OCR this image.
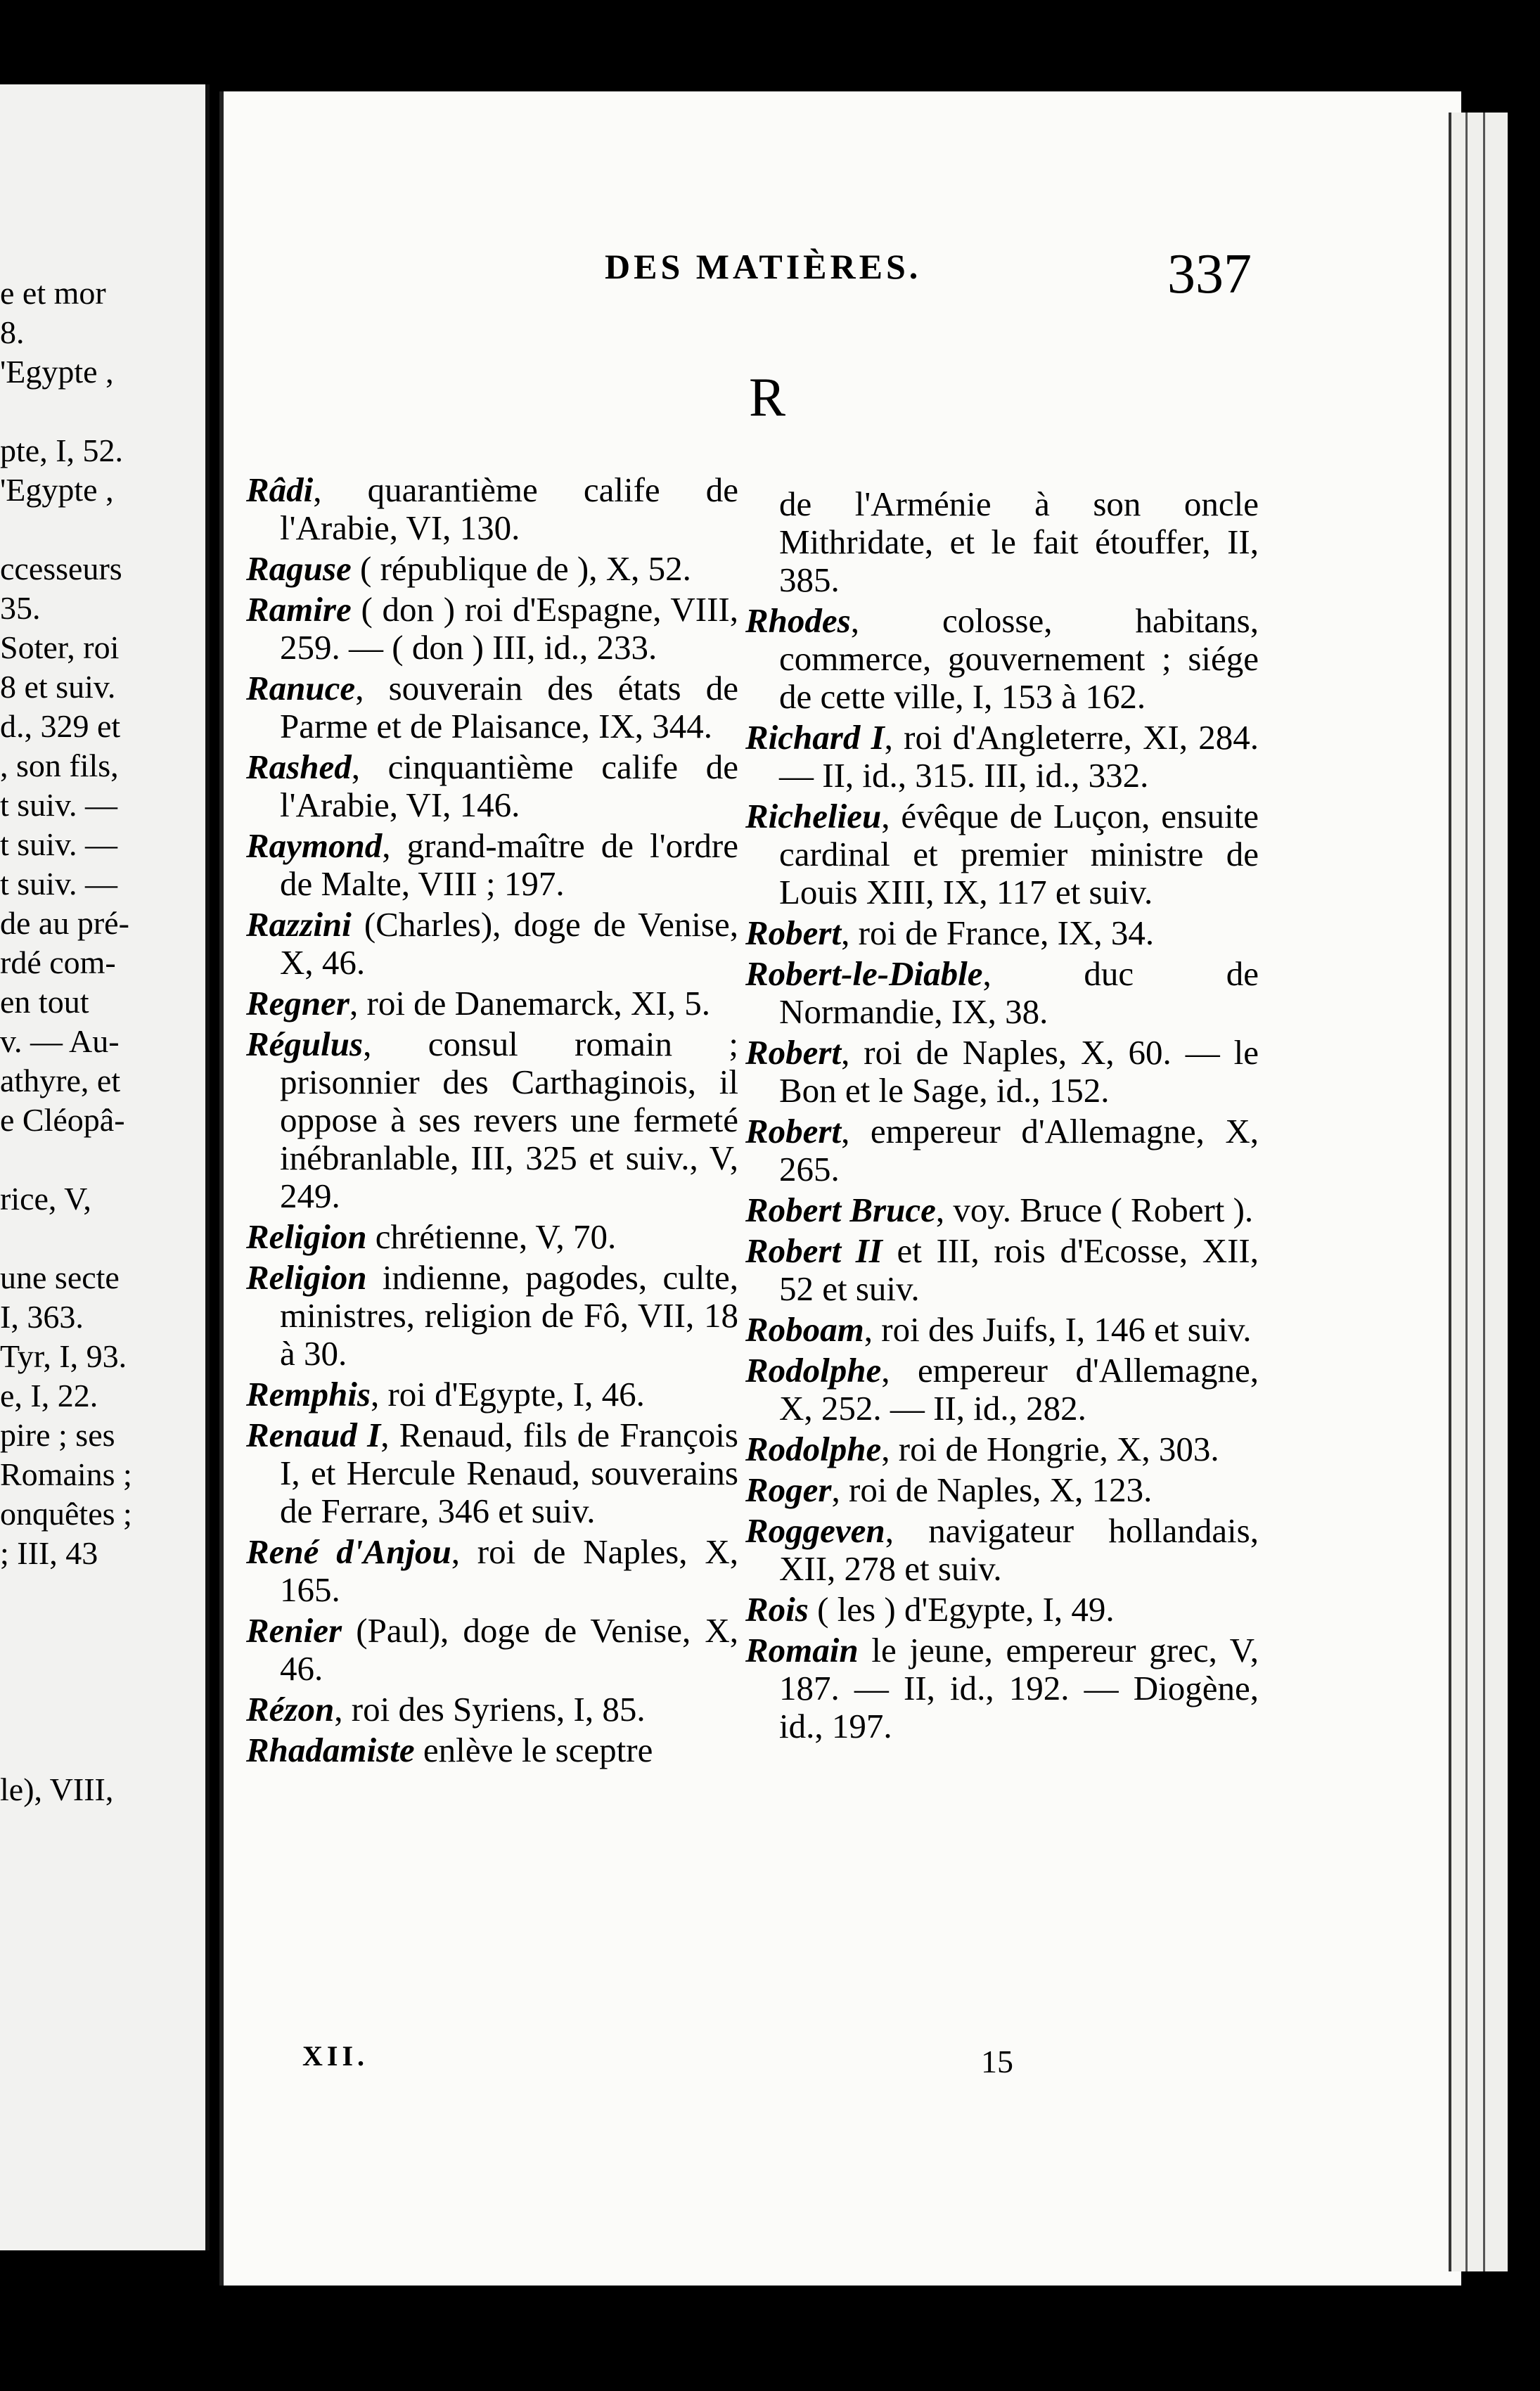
e et mor
8.
'Egypte ,
pte, I, 52.
'Egypte ,
ccesseurs
35.
Soter, roi
8 et suiv.
d., 329 et
, son fils,
t suiv. —
t suiv. —
t suiv. —
de au pré-
rdé com-
en tout
v. — Au-
athyre, et
e Cléopâ-
rice, V,
une secte
I, 363.
Tyr, I, 93.
e, I, 22.
pire ; ses
Romains ;
onquêtes ;
; III, 43
le), VIII,
DES MATIÈRES.	337
R

Râdi, quarantième calife de l'Arabie, VI, 130.

Raguse ( république de ), X, 52.

Ramire ( don ) roi d'Espagne, VIII, 259. — ( don ) III, id., 233.

Ranuce, souverain des états de Parme et de Plaisance, IX, 344.

Rashed, cinquantième calife de l'Arabie, VI, 146.

Raymond, grand-maître de l'ordre de Malte, VIII ; 197.

Razzini (Charles), doge de Venise, X, 46.

Regner, roi de Danemarck, XI, 5.

Régulus, consul romain ; prisonnier des Carthaginois, il oppose à ses revers une fermeté inébranlable, III, 325 et suiv., V, 249.

Religion chrétienne, V, 70.

Religion indienne, pagodes, culte, ministres, religion de Fô, VII, 18 à 30.

Remphis, roi d'Egypte, I, 46.

Renaud I, Renaud, fils de François I, et Hercule Renaud, souverains de Ferrare, 346 et suiv.

René d'Anjou, roi de Naples, X, 165.

Renier (Paul), doge de Venise, X, 46.

Rézon, roi des Syriens, I, 85.

Rhadamiste enlève le sceptre

de l'Arménie à son oncle Mithridate, et le fait étouffer, II, 385.

Rhodes, colosse, habitans, commerce, gouvernement ; siége de cette ville, I, 153 à 162.

Richard I, roi d'Angleterre, XI, 284. — II, id., 315. III, id., 332.

Richelieu, évêque de Luçon, ensuite cardinal et premier ministre de Louis XIII, IX, 117 et suiv.

Robert, roi de France, IX, 34.

Robert-le-Diable, duc de Normandie, IX, 38.

Robert, roi de Naples, X, 60. — le Bon et le Sage, id., 152.

Robert, empereur d'Allemagne, X, 265.

Robert Bruce, voy. Bruce ( Robert ).

Robert II et III, rois d'Ecosse, XII, 52 et suiv.

Roboam, roi des Juifs, I, 146 et suiv.

Rodolphe, empereur d'Allemagne, X, 252. — II, id., 282.

Rodolphe, roi de Hongrie, X, 303.

Roger, roi de Naples, X, 123.

Roggeven, navigateur hollandais, XII, 278 et suiv.

Rois ( les ) d'Egypte, I, 49.

Romain le jeune, empereur grec, V, 187. — II, id., 192. — Diogène, id., 197.

XII.	15
